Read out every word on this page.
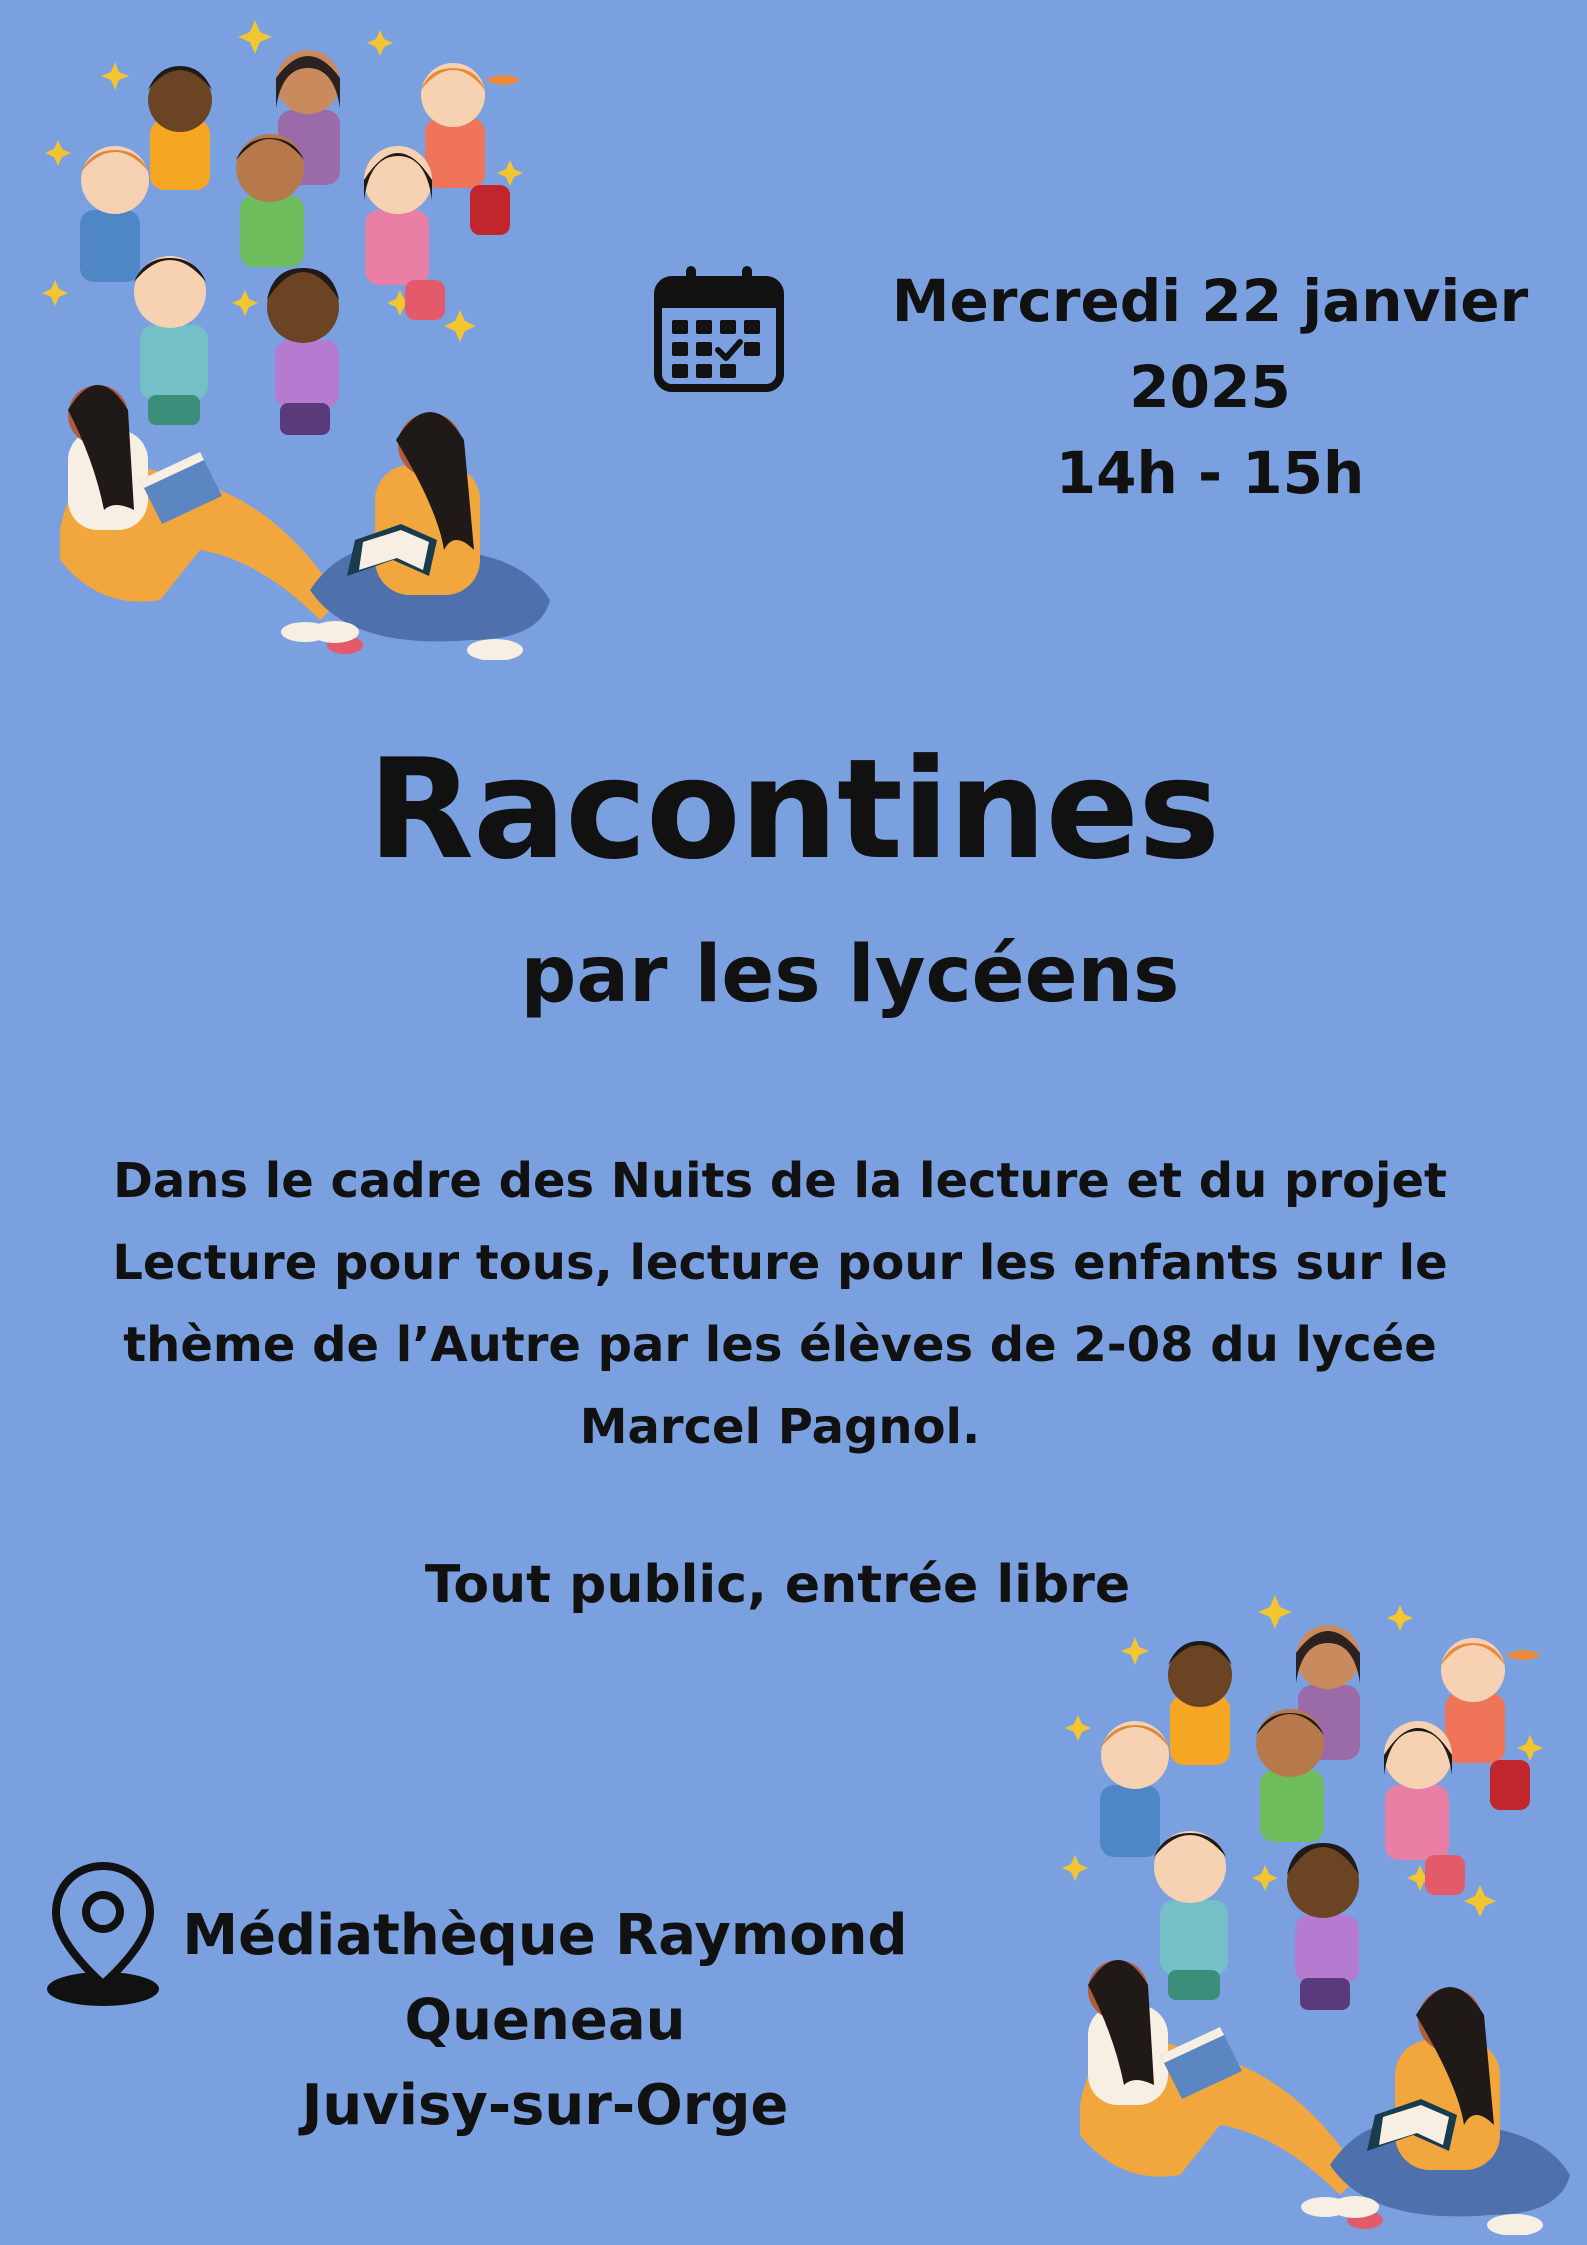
Mercredi 22 janvier 2025
14h - 15h
Racontines
par les lycéens
Dans le cadre des Nuits de la lecture et du projet
Lecture pour tous, lecture pour les enfants sur le
thème de l’Autre par les élèves de 2-08 du lycée
Marcel Pagnol.
Tout public, entrée libre
Médiathèque Raymond
Queneau
Juvisy-sur-Orge
